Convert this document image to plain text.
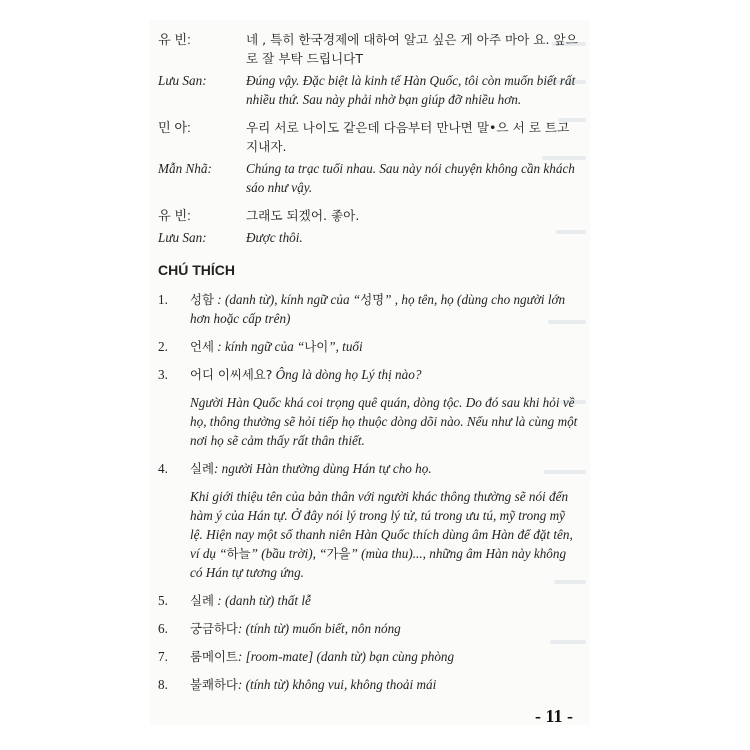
유 빈:	네 , 특히 한국경제에 대하여 알고 싶은 게 아주 마아 요. 앞으로 잘 부탁 드립니다T
Lưu San:	Đúng vậy. Đặc biệt là kinh tế Hàn Quốc, tôi còn muốn biết rất nhiều thứ. Sau này phải nhờ bạn giúp đỡ nhiều hơn.
민 아:	우리 서로 나이도 같은데 다음부터 만나면 말•으 서 로 트고 지내자.
Mẫn Nhã:	Chúng ta trạc tuổi nhau. Sau này nói chuyện không cần khách sáo như vậy.
유 빈:	그래도 되겠어. 좋아.
Lưu San:	Được thôi.
CHÚ THÍCH
1.	성함 : (danh từ), kính ngữ của “성명” , họ tên, họ (dùng cho người lớn hơn hoặc cấp trên)
2.	언세 : kính ngữ của “나이”, tuổi
3.	어디 이씨세요? Ông là dòng họ Lý thị nào?
Người Hàn Quốc khá coi trọng quê quán, dòng tộc. Do đó sau khi hỏi về họ, thông thường sẽ hỏi tiếp họ thuộc dòng dõi nào. Nếu như là cùng một nơi họ sẽ cảm thấy rất thân thiết.
4.	실례: người Hàn thường dùng Hán tự cho họ.
Khi giới thiệu tên của bản thân với người khác thông thường sẽ nói đến hàm ý của Hán tự. Ở đây nói lý trong lý tử, tú trong ưu tú, mỹ trong mỹ lệ. Hiện nay một số thanh niên Hàn Quốc thích dùng âm Hàn để đặt tên, ví dụ “하늘” (bầu trời), “가을” (mùa thu)..., những âm Hàn này không có Hán tự tương ứng.
5.	실례 : (danh từ) thất lễ
6.	궁금하다: (tính từ) muốn biết, nôn nóng
7.	룸메이트: [room-mate] (danh từ) bạn cùng phòng
8.	불쾌하다: (tính từ) không vui, không thoải mái
- 11 -
